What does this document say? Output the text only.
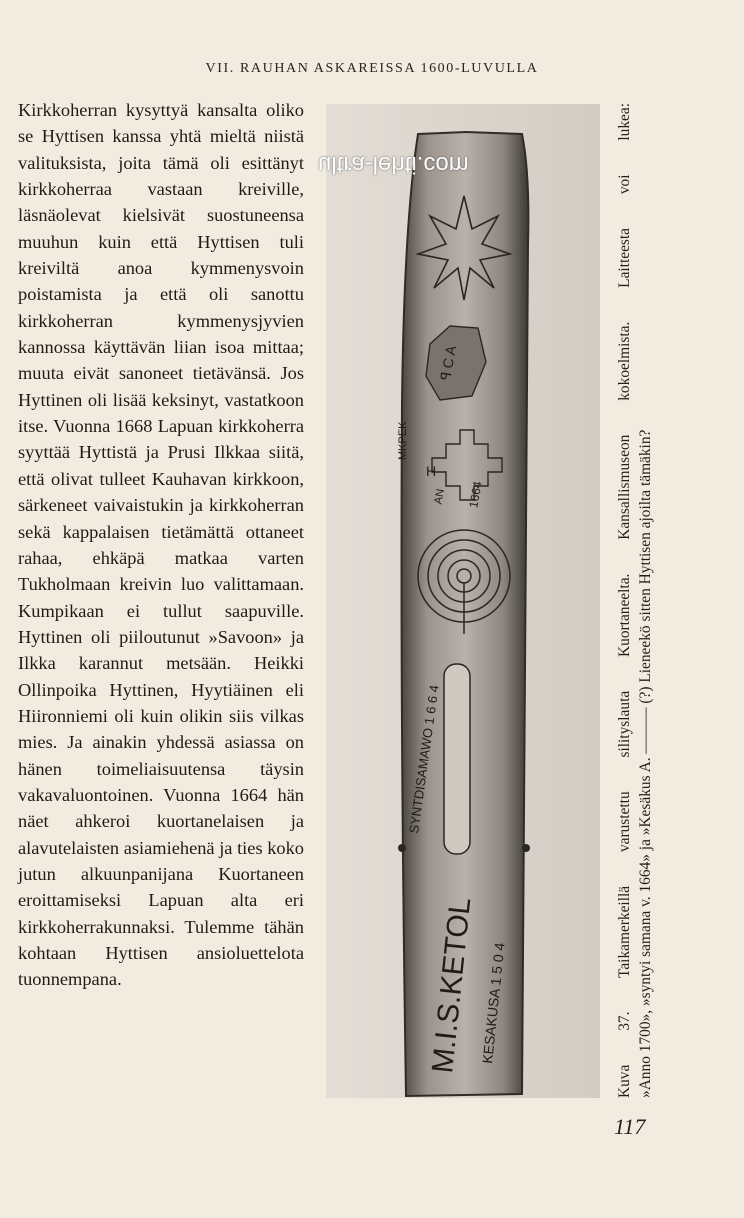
VII. RAUHAN ASKAREISSA 1600-LUVULLA

Kirkkoherran kysyttyä kansalta oliko se Hyttisen kanssa yhtä mieltä niistä valituksista, joita tämä oli esittänyt kirkkoherraa vastaan kreiville, läsnäolevat kielsivät suostuneensa muuhun kuin että Hyttisen tuli kreiviltä anoa kymmenysvoin poistamista ja että oli sanottu kirkkoherran kymmenysjyvien kannossa käyttävän liian isoa mittaa; muuta eivät sanoneet tietävänsä. Jos Hyttinen oli lisää keksinyt, vastatkoon itse. Vuonna 1668 Lapuan kirkkoherra syyttää Hyttistä ja Prusi Ilkkaa siitä, että olivat tulleet Kauhavan kirkkoon, särkeneet vaivaistukin ja kirkkoherran sekä kappalaisen tietämättä ottaneet rahaa, ehkäpä matkaa varten Tukholmaan kreivin luo valittamaan. Kumpikaan ei tullut saapuville. Hyttinen oli piiloutunut »Savoon» ja Ilkka karannut metsään. Heikki Ollinpoika Hyttinen, Hyytiäinen eli Hiironniemi oli kuin olikin siis vilkas mies. Ja ainakin yhdessä asiassa on hänen toimeliaisuutensa täysin vakavaluontoinen. Vuonna 1664 hän näet ahkeroi kuortanelaisen ja alavutelaisten asiamiehenä ja ties koko jutun alkuunpanijana Kuortaneen eroittamiseksi Lapuan alta eri kirkkoherrakunnaksi. Tulemme tähän kohtaan Hyttisen ansioluettelota tuonnempana.

ꟼ C A
H
1664
AN
MKPEK
SYNTDISAMAWO 1 6 6 4
M.I.S.KETOL KESAKUSA 1 5 0 4
ultra-lehti.com	Kuva 37. Taikamerkeillä varustettu silityslauta Kuortaneelta. Kansallismuseon kokoelmista. Laitteesta voi lukea: »Anno 1700», »syntyi samana v. 1664» ja »Kesäkus A. ——— (?) Lieneekö sitten Hyttisen ajoilta tämäkin?
117
